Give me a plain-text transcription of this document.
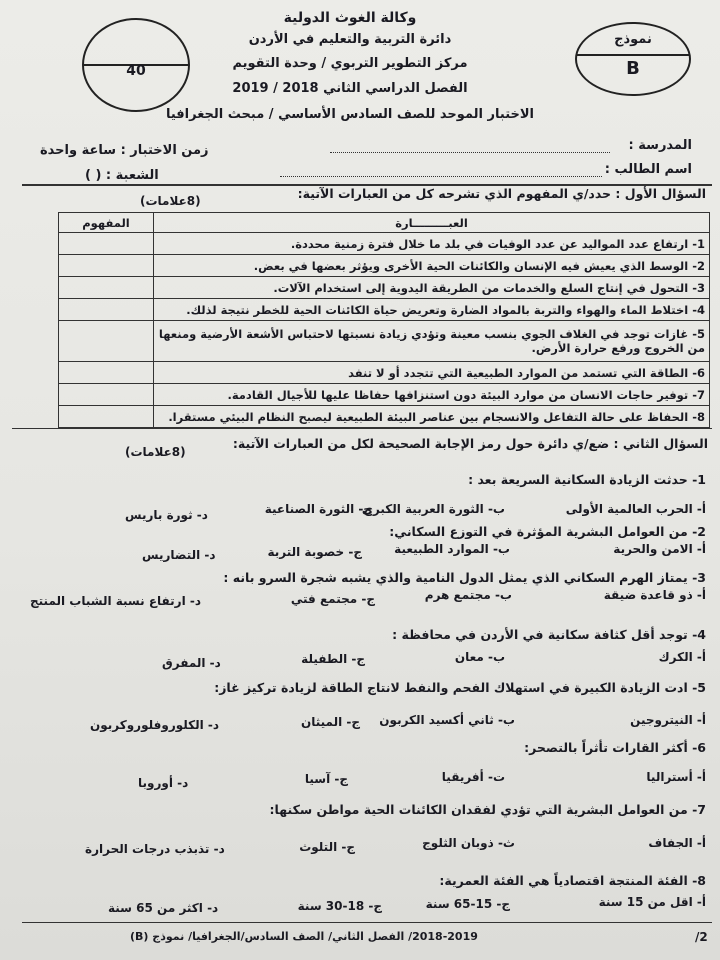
وكالة الغوث الدولية
دائرة التربية والتعليم في الأردن
مركز التطوير التربوي / وحدة التقويم
الفصل الدراسي الثاني 2018 / 2019
الاختبار الموحد للصف السادس الأساسي / مبحث الجغرافيا
40
نموذج
B
المدرسة :
زمن الاختبار : ساعة واحدة
اسم الطالب :
الشعبة : ( )
السؤال الأول : حدد/ي المفهوم الذي تشرحه كل من العبارات الآتية:
(8علامات)
العبـــــــــارة	المفهوم
1- ارتفاع عدد المواليد عن عدد الوفيات في بلد ما خلال فترة زمنية محددة.	
2- الوسط الذي يعيش فيه الإنسان والكائنات الحية الأخرى ويؤثر بعضها في بعض.	
3- التحول في إنتاج السلع والخدمات من الطريقة اليدوية إلى استخدام الآلات.	
4- اختلاط الماء والهواء والتربة بالمواد الضارة وتعريض حياة الكائنات الحية للخطر نتيجة لذلك.	
5- غازات توجد في الغلاف الجوي بنسب معينة وتؤدي زيادة نسبتها لاحتباس الأشعة الأرضية ومنعها من الخروج ورفع حرارة الأرض.	
6- الطاقة التي تستمد من الموارد الطبيعية التي تتجدد أو لا تنفد	
7- توفير حاجات الانسان من موارد البيئة دون استنزافها حفاظا عليها للأجيال القادمة.	
8- الحفاظ على حالة التفاعل والانسجام بين عناصر البيئة الطبيعية ليصبح النظام البيئي مستقرا.	
السؤال الثاني : ضع/ي دائرة حول رمز الإجابة الصحيحة لكل من العبارات الآتية:
(8علامات)
1- حدثت الزيادة السكانية السريعة بعد :
أ- الحرب العالمية الأولى
ب- الثورة العربية الكبرى
ج- الثورة الصناعية
د- ثورة باريس
2- من العوامل البشرية المؤثرة في التوزع السكاني:
أ- الامن والحرية
ب- الموارد الطبيعية
ج- خصوبة التربة
د- التضاريس
3- يمتاز الهرم السكاني الذي يمثل الدول النامية والذي يشبه شجرة السرو بانه :
أ- ذو قاعدة ضيقة
ب- مجتمع هرم
ج- مجتمع فتي
د- ارتفاع نسبة الشباب المنتج
4- توجد أقل كثافة سكانية في الأردن في محافظة :
أ- الكرك
ب- معان
ج- الطفيلة
د- المفرق
5- ادت الزيادة الكبيرة في استهلاك الفحم والنفط لانتاج الطاقة لزيادة تركيز غاز:
أ- النيتروجين
ب- ثاني أكسيد الكربون
ج- الميثان
د- الكلوروفلوروكربون
6- أكثر القارات تأثراً بالتصحر:
أ- أستراليا
ت- أفريقيا
ج- آسيا
د- أوروبا
7- من العوامل البشرية التي تؤدي لفقدان الكائنات الحية مواطن سكنها:
أ- الجفاف
ث- ذوبان الثلوج
ج- التلوث
د- تذبذب درجات الحرارة
8- الفئة المنتجة اقتصادياً هي الفئة العمرية:
أ- اقل من 15 سنة
ج- 15-65 سنة
ج- 18-30 سنة
د- اكثر من 65 سنة
2018-2019/ الفصل الثاني/ الصف السادس/الجغرافيا/ نموذج (B)	2/
